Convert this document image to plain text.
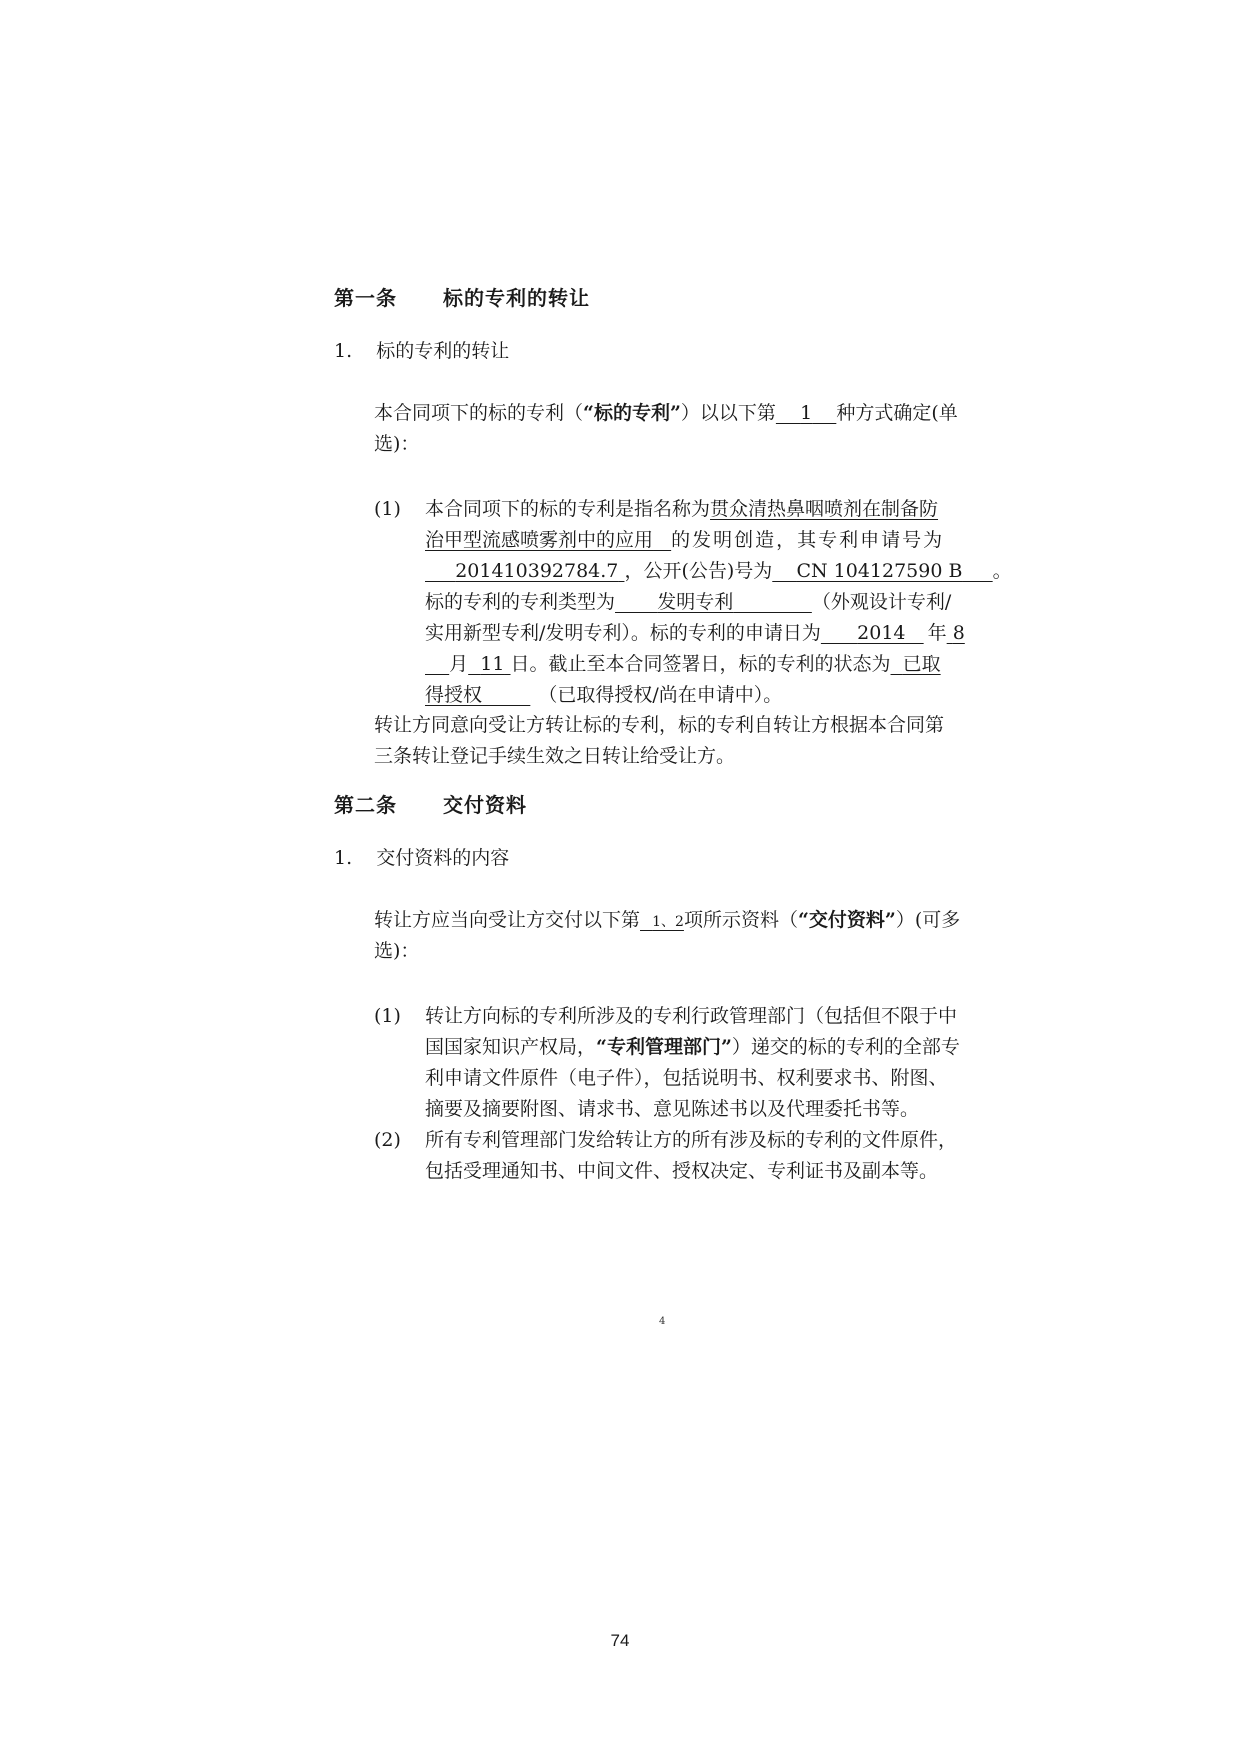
第一条 标的专利的转让
1. 标的专利的转让
本合同项下的标的专利（“标的专利”）以以下第 1 种方式确定(单
选)：
(1) 本合同项下的标的专利是指名称为贯众清热鼻咽喷剂在制备防
治甲型流感喷雾剂中的应用 的发明创造，其专利申请号为
201410392784.7 ，公开(公告)号为 CN 104127590 B 。
标的专利的专利类型为 发明专利	（外观设计专利/
实用新型专利/发明专利）。标的专利的申请日为 2014 年 8
月 11 日。截止至本合同签署日，标的专利的状态为 已取
得授权	（已取得授权/尚在申请中）。
转让方同意向受让方转让标的专利，标的专利自转让方根据本合同第
三条转让登记手续生效之日转让给受让方。
第二条 交付资料
1. 交付资料的内容
转让方应当向受让方交付以下第 1、2项所示资料（“交付资料”）(可多
选)：
(1) 转让方向标的专利所涉及的专利行政管理部门（包括但不限于中
国国家知识产权局，“专利管理部门”）递交的标的专利的全部专
利申请文件原件（电子件），包括说明书、权利要求书、附图、
摘要及摘要附图、请求书、意见陈述书以及代理委托书等。
(2) 所有专利管理部门发给转让方的所有涉及标的专利的文件原件，
包括受理通知书、中间文件、授权决定、专利证书及副本等。
4
74
